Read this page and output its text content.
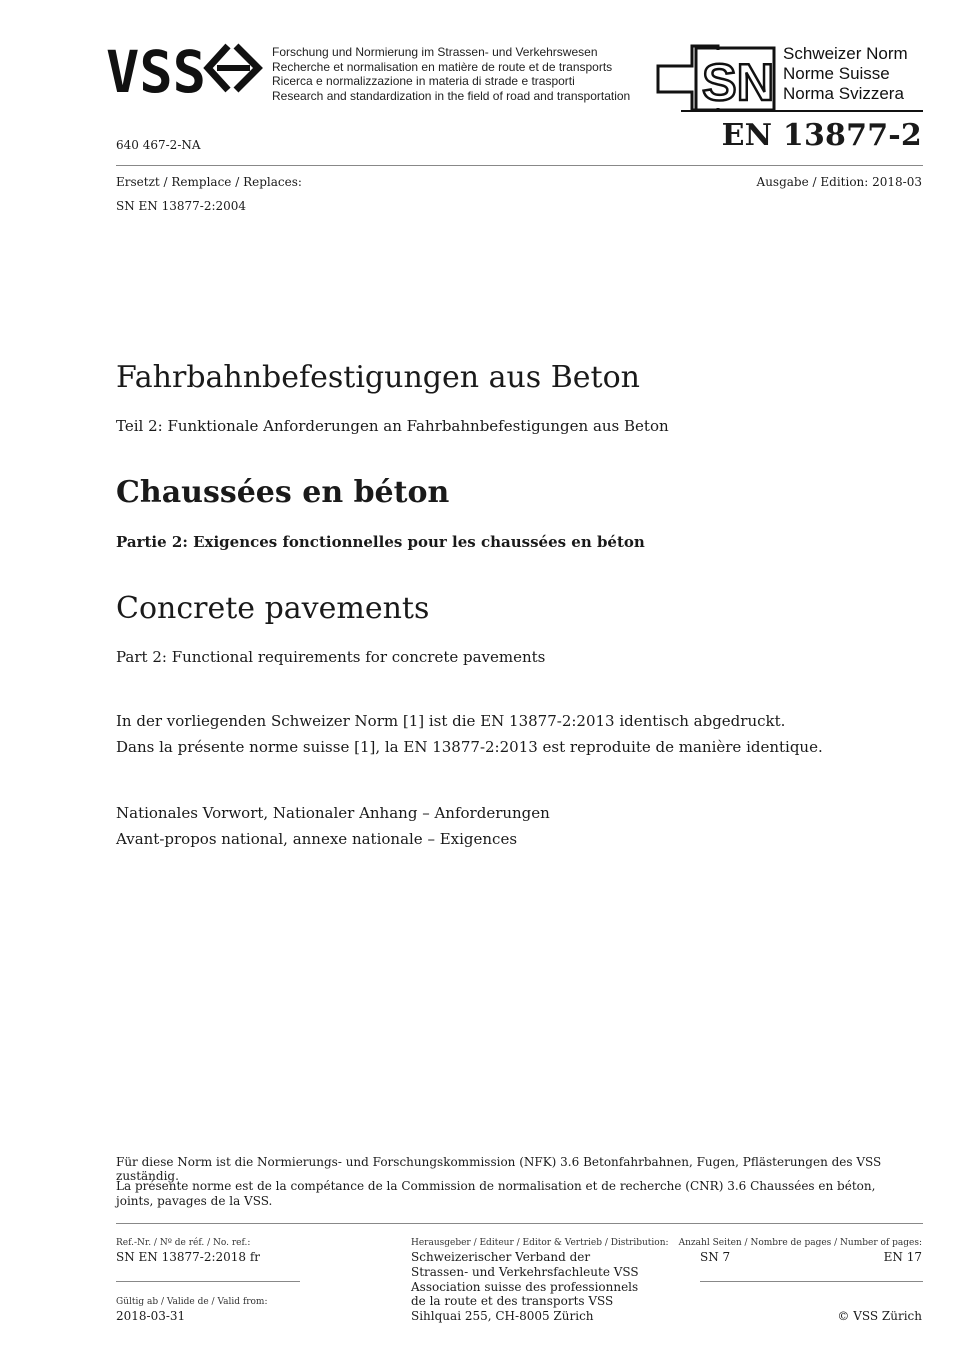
VSS	Forschung und Normierung im Strassen- und Verkehrswesen
Recherche et normalisation en matière de route et de transports
Ricerca e normalizzazione in materia di strade e trasporti
Research and standardization in the field of road and transportation SN
Schweizer Norm
Norme Suisse
Norma Svizzera
640 467-2-NA	EN 13877-2
Ersetzt / Remplace / Replaces:
SN EN 13877-2:2004
Ausgabe / Edition: 2018-03
Fahrbahnbefestigungen aus Beton
Teil 2: Funktionale Anforderungen an Fahrbahnbefestigungen aus Beton
Chaussées en béton
Partie 2: Exigences fonctionnelles pour les chaussées en béton
Concrete pavements
Part 2: Functional requirements for concrete pavements
In der vorliegenden Schweizer Norm [1] ist die EN 13877-2:2013 identisch abgedruckt.
Dans la présente norme suisse [1], la EN 13877-2:2013 est reproduite de manière identique.
Nationales Vorwort, Nationaler Anhang – Anforderungen
Avant-propos national, annexe nationale – Exigences
Für diese Norm ist die Normierungs- und Forschungskommission (NFK) 3.6 Betonfahrbahnen, Fugen, Pflästerungen des VSS zuständig.
La présente norme est de la compétance de la Commission de normalisation et de recherche (CNR) 3.6 Chaussées en béton, joints, pavages de la VSS.
Ref.-Nr. / Nº de réf. / No. ref.:
SN EN 13877-2:2018 fr
Gültig ab / Valide de / Valid from:
2018-03-31
Herausgeber / Editeur / Editor & Vertrieb / Distribution:
Schweizerischer Verband der
Strassen- und Verkehrsfachleute VSS
Association suisse des professionnels
de la route et des transports VSS
Sihlquai 255, CH-8005 Zürich
Anzahl Seiten / Nombre de pages / Number of pages:
SN 7	EN 17
© VSS Zürich
